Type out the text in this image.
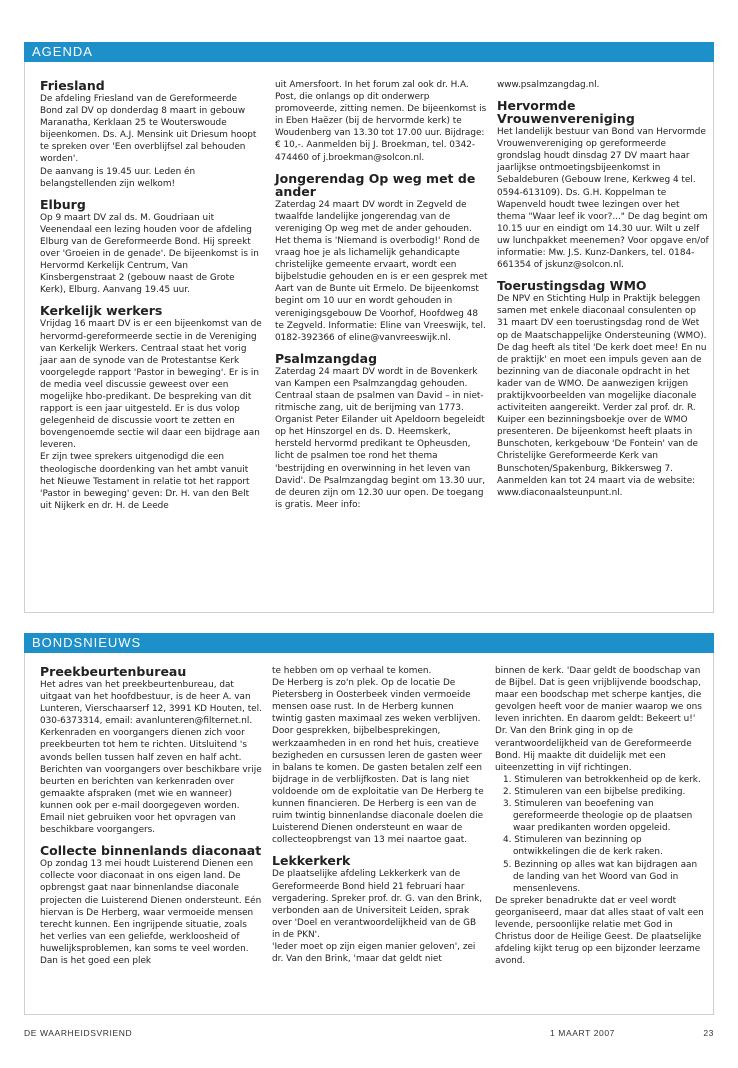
AGENDA
Friesland

De afdeling Friesland van de Gereformeerde Bond zal DV op donderdag 8 maart in gebouw Maranatha, Kerklaan 25 te Wouterswoude bijeenkomen. Ds. A.J. Mensink uit Driesum hoopt te spreken over 'Een overblijfsel zal behouden worden'.

De aanvang is 19.45 uur. Leden én belangstellenden zijn welkom!

Elburg

Op 9 maart DV zal ds. M. Goudriaan uit Veenendaal een lezing houden voor de afdeling Elburg van de Gereformeerde Bond. Hij spreekt over 'Groeien in de genade'. De bijeenkomst is in Hervormd Kerkelijk Centrum, Van Kinsbergenstraat 2 (gebouw naast de Grote Kerk), Elburg. Aanvang 19.45 uur.

Kerkelijk werkers

Vrijdag 16 maart DV is er een bijeenkomst van de hervormd-gereformeerde sectie in de Vereniging van Kerkelijk Werkers. Centraal staat het vorig jaar aan de synode van de Protestantse Kerk voorgelegde rapport 'Pastor in beweging'. Er is in de media veel discussie geweest over een mogelijke hbo-predikant. De bespreking van dit rapport is een jaar uitgesteld. Er is dus volop gelegenheid de discussie voort te zetten en bovengenoemde sectie wil daar een bijdrage aan leveren.

Er zijn twee sprekers uitgenodigd die een theologische doordenking van het ambt vanuit het Nieuwe Testament in relatie tot het rapport 'Pastor in beweging' geven: Dr. H. van den Belt uit Nijkerk en dr. H. de Leede

uit Amersfoort. In het forum zal ook dr. H.A. Post, die onlangs op dit onderwerp promoveerde, zitting nemen. De bijeenkomst is in Eben Haëzer (bij de hervormde kerk) te Woudenberg van 13.30 tot 17.00 uur. Bijdrage: € 10,-. Aanmelden bij J. Broekman, tel. 0342-474460 of j.broekman@solcon.nl.

Jongerendag Op weg met de ander

Zaterdag 24 maart DV wordt in Zegveld de twaalfde landelijke jongerendag van de vereniging Op weg met de ander gehouden. Het thema is 'Niemand is overbodig!' Rond de vraag hoe je als lichamelijk gehandicapte christelijke gemeente ervaart, wordt een bijbelstudie gehouden en is er een gesprek met Aart van de Bunte uit Ermelo. De bijeenkomst begint om 10 uur en wordt gehouden in verenigingsgebouw De Voorhof, Hoofdweg 48 te Zegveld. Informatie: Eline van Vreeswijk, tel. 0182-392366 of eline@vanvreeswijk.nl.

Psalmzangdag

Zaterdag 24 maart DV wordt in de Bovenkerk van Kampen een Psalmzangdag gehouden. Centraal staan de psalmen van David – in niet-ritmische zang, uit de berijming van 1773. Organist Peter Eilander uit Apeldoorn begeleidt op het Hinszorgel en ds. D. Heemskerk, hersteld hervormd predikant te Opheusden, licht de psalmen toe rond het thema 'bestrijding en overwinning in het leven van David'. De Psalmzangdag begint om 13.30 uur, de deuren zijn om 12.30 uur open. De toegang is gratis. Meer info:

www.psalmzangdag.nl.

Hervormde Vrouwenvereniging

Het landelijk bestuur van Bond van Hervormde Vrouwenvereniging op gereformeerde grondslag houdt dinsdag 27 DV maart haar jaarlijkse ontmoetingsbijeenkomst in Sebaldeburen (Gebouw Irene, Kerkweg 4 tel. 0594-613109). Ds. G.H. Koppelman te Wapenveld houdt twee lezingen over het thema "Waar leef ik voor?..." De dag begint om 10.15 uur en eindigt om 14.30 uur. Wilt u zelf uw lunchpakket meenemen? Voor opgave en/of informatie: Mw. J.S. Kunz-Dankers, tel. 0184-661354 of jskunz@solcon.nl.

Toerustingsdag WMO

De NPV en Stichting Hulp in Praktijk beleggen samen met enkele diaconaal consulenten op 31 maart DV een toerustingsdag rond de Wet op de Maatschappelijke Ondersteuning (WMO). De dag heeft als titel 'De kerk doet mee! En nu de praktijk' en moet een impuls geven aan de bezinning van de diaconale opdracht in het kader van de WMO. De aanwezigen krijgen praktijkvoorbeelden van mogelijke diaconale activiteiten aangereikt. Verder zal prof. dr. R. Kuiper een bezinningsboekje over de WMO presenteren. De bijeenkomst heeft plaats in Bunschoten, kerkgebouw 'De Fontein' van de Christelijke Gereformeerde Kerk van Bunschoten/Spakenburg, Bikkersweg 7. Aanmelden kan tot 24 maart via de website: www.diaconaalsteunpunt.nl.

BONDSNIEUWS
Preekbeurtenbureau

Het adres van het preekbeurtenbureau, dat uitgaat van het hoofdbestuur, is de heer A. van Lunteren, Vierschaarserf 12, 3991 KD Houten, tel. 030-6373314, email: avanlunteren@filternet.nl.

Kerkenraden en voorgangers dienen zich voor preekbeurten tot hem te richten. Uitsluitend 's avonds bellen tussen half zeven en half acht. Berichten van voorgangers over beschikbare vrije beurten en berichten van kerkenraden over gemaakte afspraken (met wie en wanneer) kunnen ook per e-mail doorgegeven worden. Email niet gebruiken voor het opvragen van beschikbare voorgangers.

Collecte binnenlands diaconaat

Op zondag 13 mei houdt Luisterend Dienen een collecte voor diaconaat in ons eigen land. De opbrengst gaat naar binnenlandse diaconale projecten die Luisterend Dienen ondersteunt. Eén hiervan is De Herberg, waar vermoeide mensen terecht kunnen. Een ingrijpende situatie, zoals het verlies van een geliefde, werkloosheid of huwelijksproblemen, kan soms te veel worden. Dan is het goed een plek

te hebben om op verhaal te komen.

De Herberg is zo'n plek. Op de locatie De Pietersberg in Oosterbeek vinden vermoeide mensen oase rust. In de Herberg kunnen twintig gasten maximaal zes weken verblijven. Door gesprekken, bijbelbesprekingen, werkzaamheden in en rond het huis, creatieve bezigheden en cursussen leren de gasten weer in balans te komen. De gasten betalen zelf een bijdrage in de verblijfkosten. Dat is lang niet voldoende om de exploitatie van De Herberg te kunnen financieren. De Herberg is een van de ruim twintig binnenlandse diaconale doelen die Luisterend Dienen ondersteunt en waar de collecteopbrengst van 13 mei naartoe gaat.

Lekkerkerk

De plaatselijke afdeling Lekkerkerk van de Gereformeerde Bond hield 21 februari haar vergadering. Spreker prof. dr. G. van den Brink, verbonden aan de Universiteit Leiden, sprak over 'Doel en verantwoordelijkheid van de GB in de PKN'.

'Ieder moet op zijn eigen manier geloven', zei dr. Van den Brink, 'maar dat geldt niet

binnen de kerk. 'Daar geldt de boodschap van de Bijbel. Dat is geen vrijblijvende boodschap, maar een boodschap met scherpe kantjes, die gevolgen heeft voor de manier waarop we ons leven inrichten. En daarom geldt: Bekeert u!'

Dr. Van den Brink ging in op de verantwoordelijkheid van de Gereformeerde Bond. Hij maakte dit duidelijk met een uiteenzetting in vijf richtingen.

1. Stimuleren van betrokkenheid op de kerk.
2. Stimuleren van een bijbelse prediking.
3. Stimuleren van beoefening van gereformeerde theologie op de plaatsen waar predikanten worden opgeleid.
4. Stimuleren van bezinning op ontwikkelingen die de kerk raken.
5. Bezinning op alles wat kan bijdragen aan de landing van het Woord van God in mensenlevens.

De spreker benadrukte dat er veel wordt georganiseerd, maar dat alles staat of valt een levende, persoonlijke relatie met God in Christus door de Heilige Geest. De plaatselijke afdeling kijkt terug op een bijzonder leerzame avond.

DE WAARHEIDSVRIEND	1 MAART 2007	23
